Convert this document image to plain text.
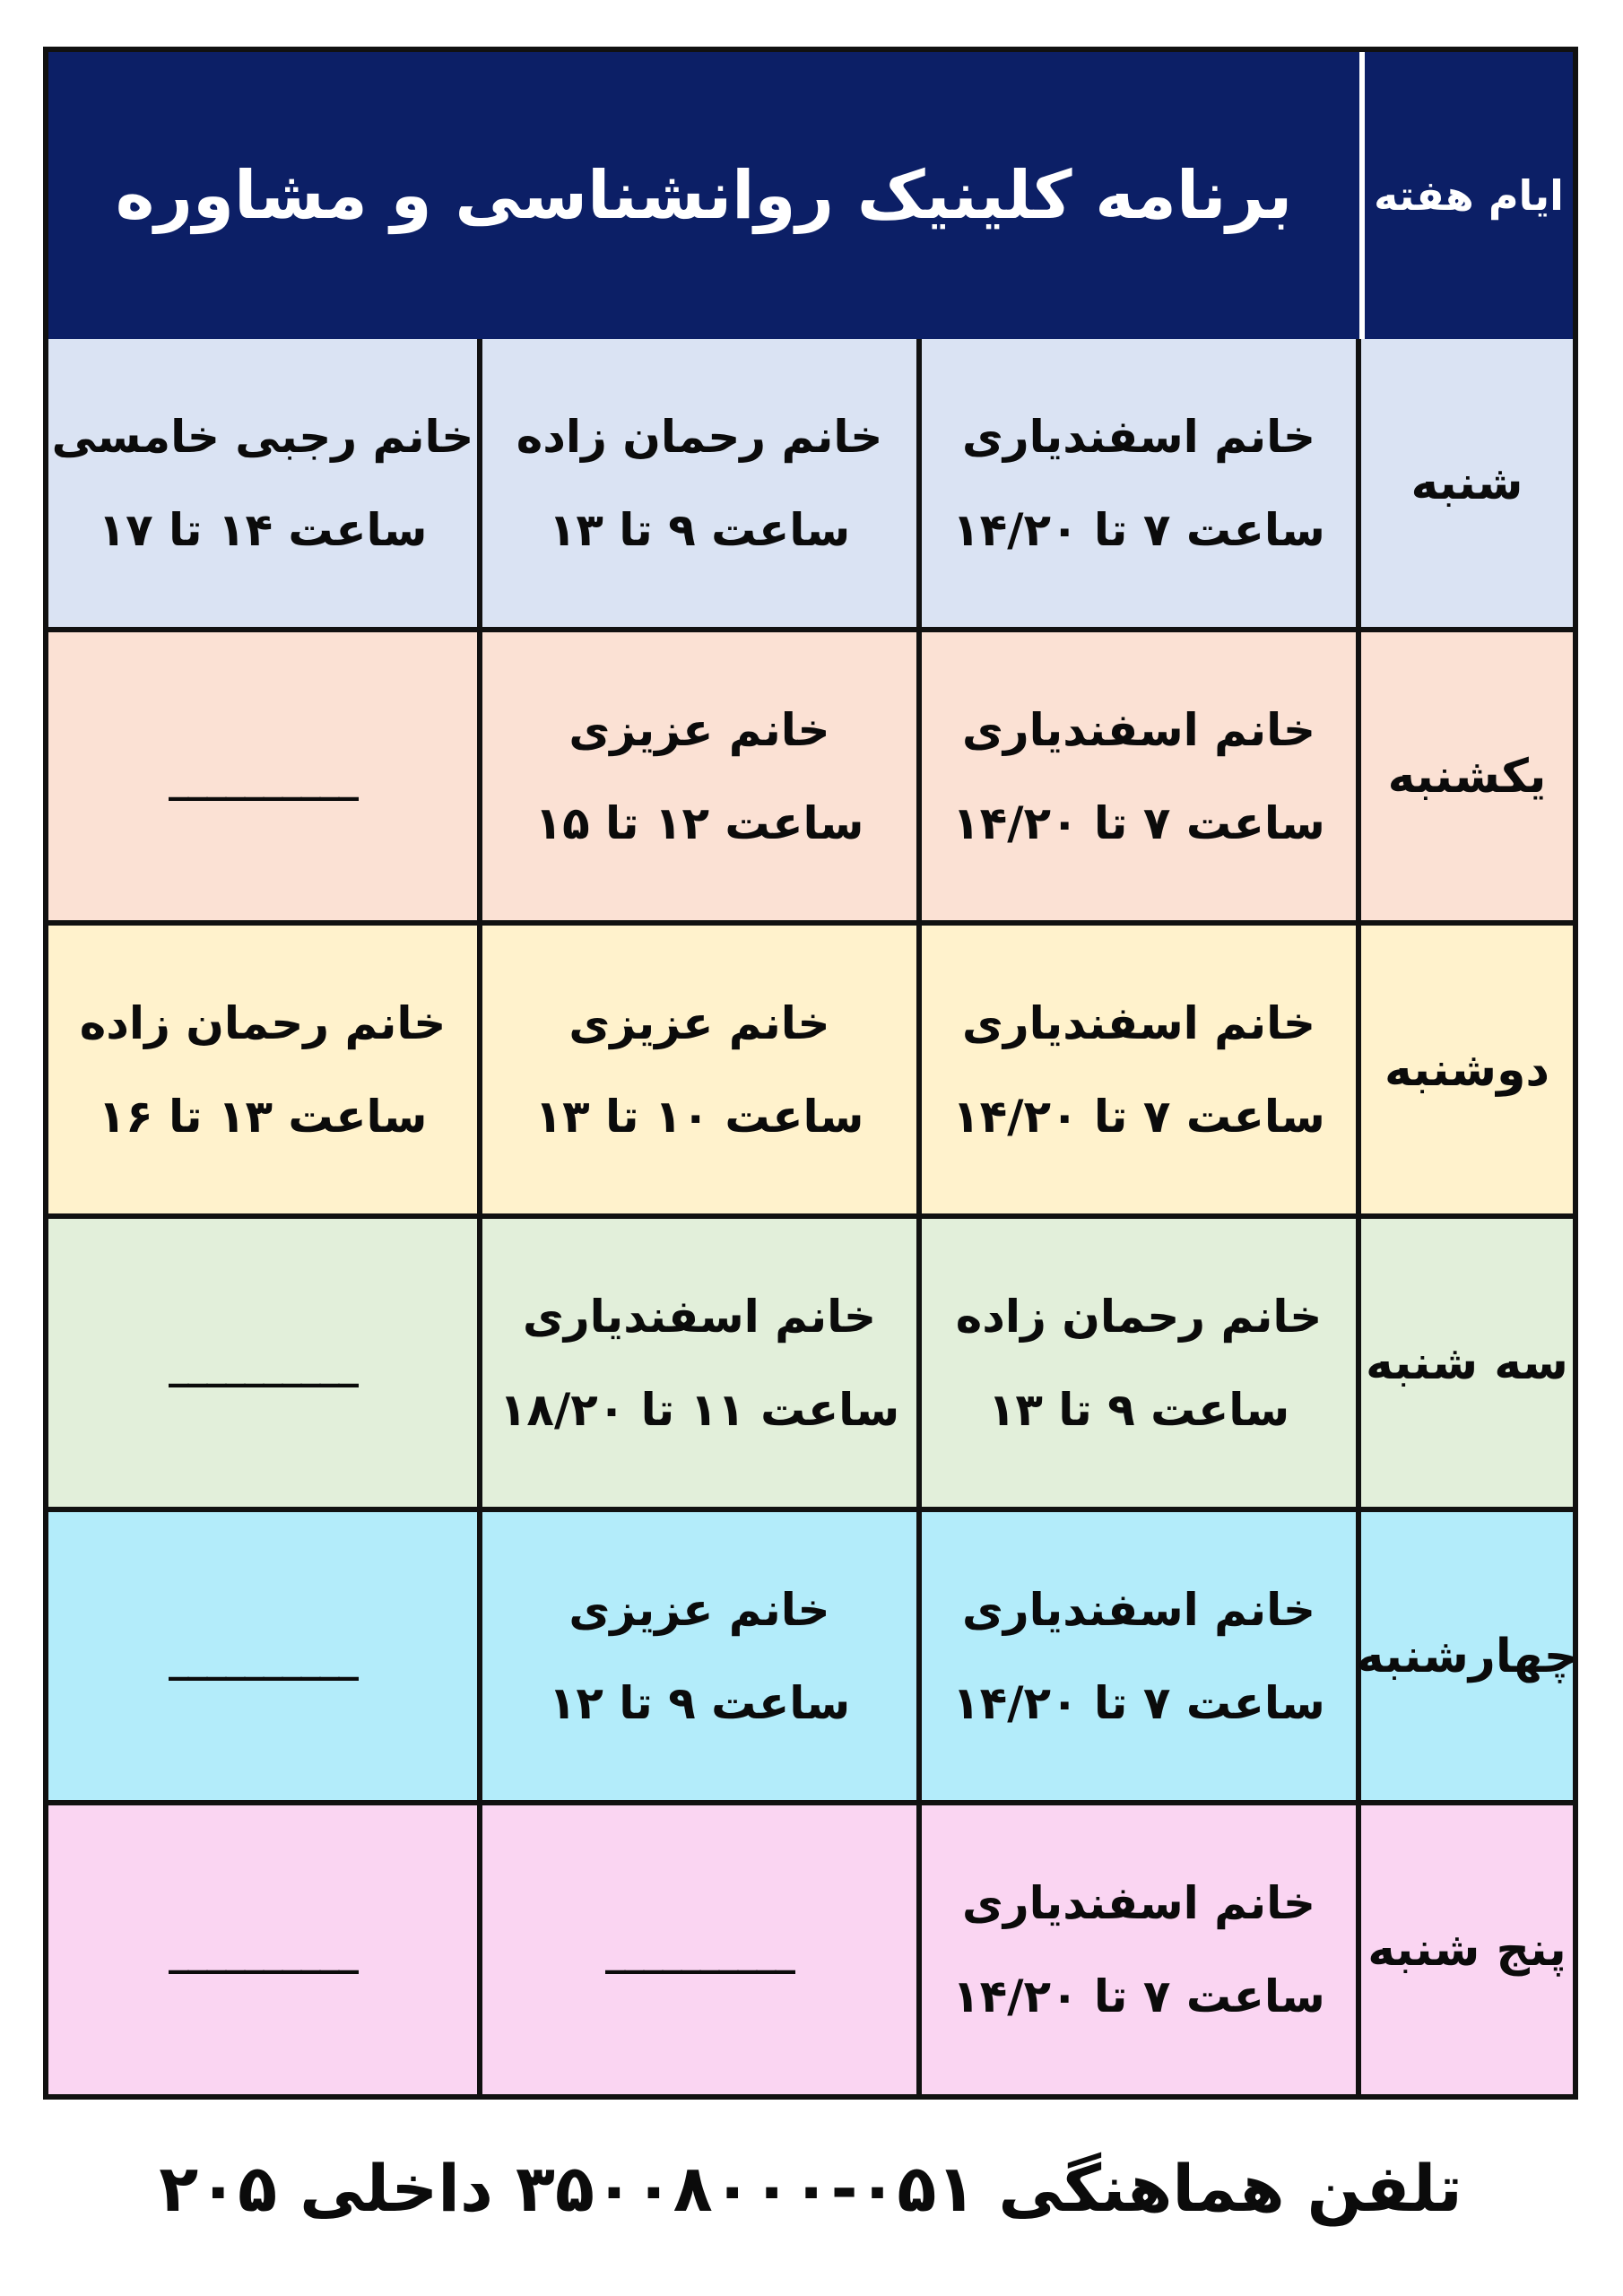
برنامه کلینیک روانشناسی و مشاوره	ایام هفته
خانم رجبی خامسی
ساعت ۱۴ تا ۱۷
خانم رحمان زاده
ساعت ۹ تا ۱۳
خانم اسفندیاری
ساعت ۷ تا ۱۴/۲۰
شنبه
__________
خانم عزیزی
ساعت ۱۲ تا ۱۵
خانم اسفندیاری
ساعت ۷ تا ۱۴/۲۰
یکشنبه
خانم رحمان زاده
ساعت ۱۳ تا ۱۶
خانم عزیزی
ساعت ۱۰ تا ۱۳
خانم اسفندیاری
ساعت ۷ تا ۱۴/۲۰
دوشنبه
__________
خانم اسفندیاری
ساعت ۱۱ تا ۱۸/۲۰
خانم رحمان زاده
ساعت ۹ تا ۱۳
سه شنبه
__________
خانم عزیزی
ساعت ۹ تا ۱۲
خانم اسفندیاری
ساعت ۷ تا ۱۴/۲۰
چهارشنبه
__________	__________
خانم اسفندیاری
ساعت ۷ تا ۱۴/۲۰
پنج شنبه
تلفن هماهنگی ۰۵۱-۳۵۰۰۸۰۰۰ داخلی ۲۰۵
